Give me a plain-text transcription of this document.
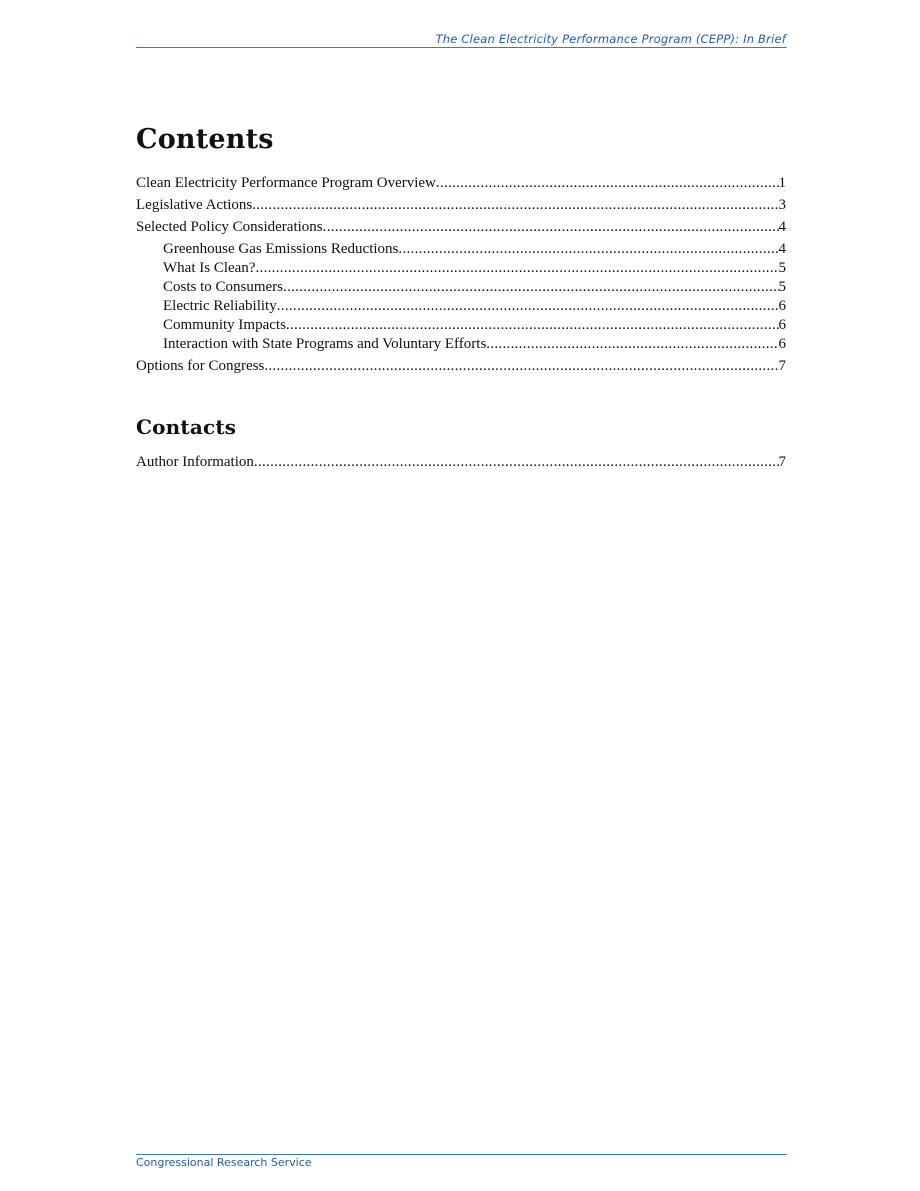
The Clean Electricity Performance Program (CEPP): In Brief
Contents
Clean Electricity Performance Program Overview .....	1
Legislative Actions .....	3
Selected Policy Considerations .....	4
Greenhouse Gas Emissions Reductions .....	4
What Is Clean? .....	5
Costs to Consumers .....	5
Electric Reliability .....	6
Community Impacts .....	6
Interaction with State Programs and Voluntary Efforts .....	6
Options for Congress .....	7
Contacts
Author Information .....	7
Congressional Research Service
